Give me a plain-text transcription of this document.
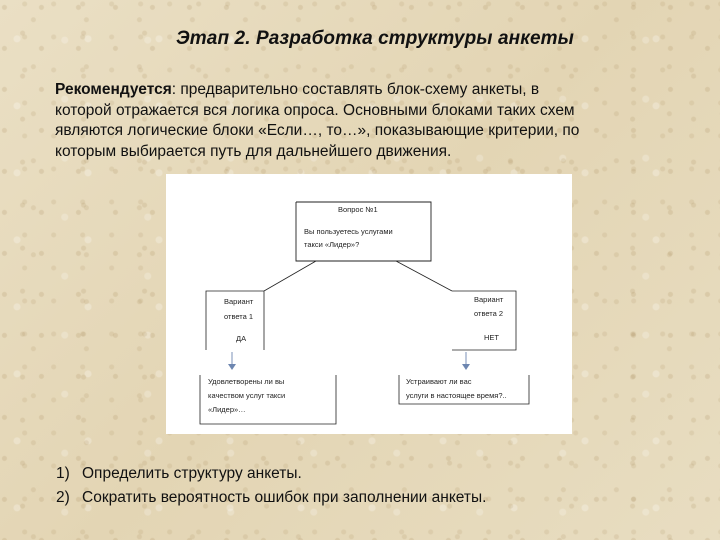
Этап 2. Разработка структуры анкеты
Рекомендуется: предварительно составлять блок-схему анкеты, в
которой отражается вся логика опроса. Основными блоками таких схем
являются логические блоки «Если…, то…», показывающие критерии, по
которым выбирается путь для дальнейшего движения.
Вопрос №1
Вы пользуетесь услугами
такси «Лидер»?
Вариант
ответа 1
ДА
Вариант
ответа 2
НЕТ
Удовлетворены ли вы
качеством услуг такси
«Лидер»…
Устраивают ли вас
услуги в настоящее время?..
1) Определить структуру анкеты.
2) Сократить вероятность ошибок при заполнении анкеты.
